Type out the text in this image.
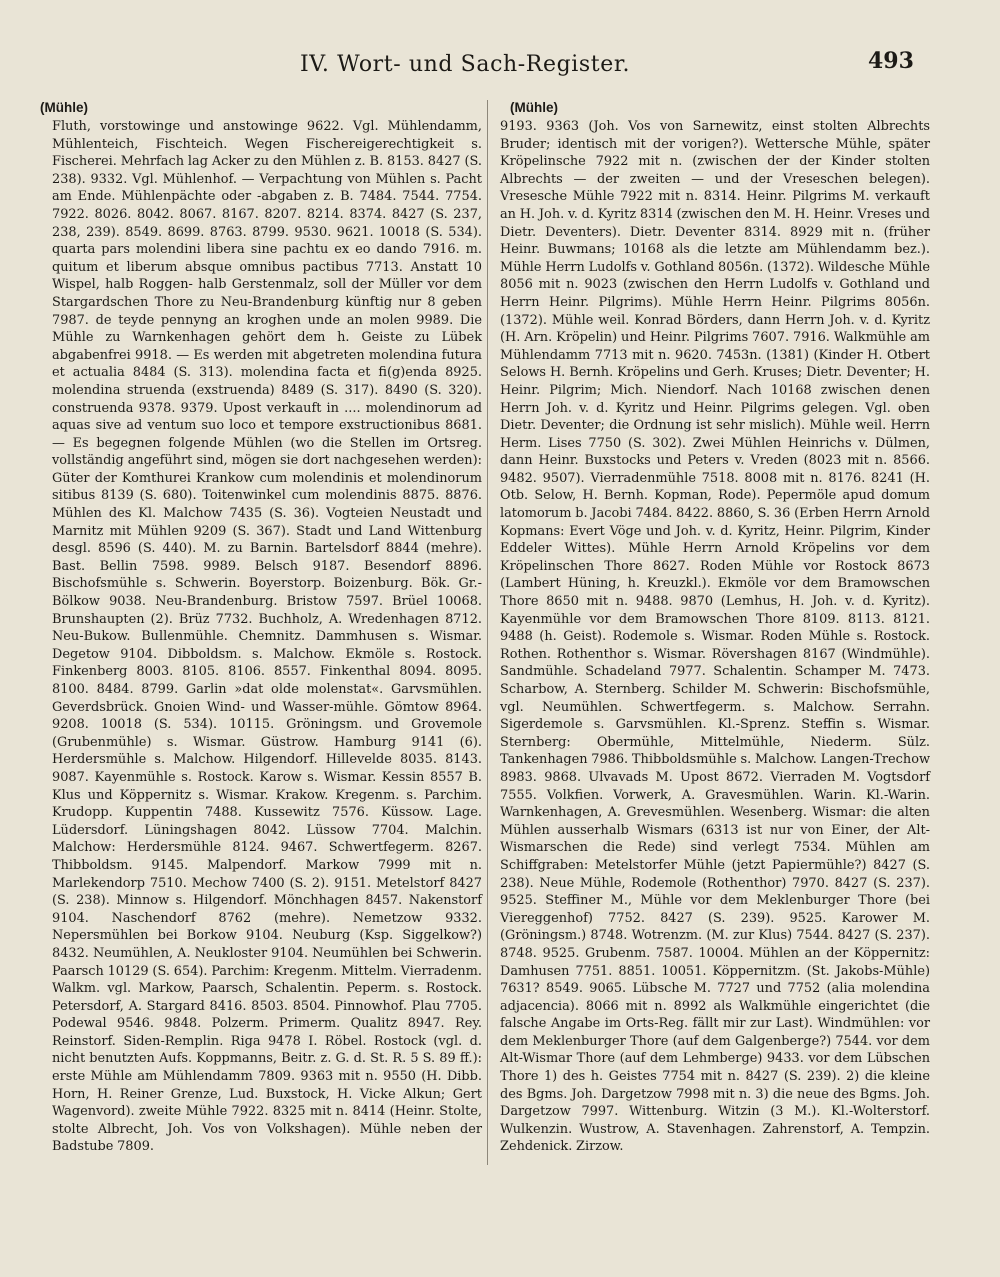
IV. Wort- und Sach-Register.	493
(Mühle)

Fluth, vorstowinge und anstowinge 9622. Vgl. Mühlendamm, Mühlenteich, Fischteich. Wegen Fischereigerechtigkeit s. Fischerei. Mehrfach lag Acker zu den Mühlen z. B. 8153. 8427 (S. 238). 9332. Vgl. Mühlenhof. — Verpachtung von Mühlen s. Pacht am Ende. Mühlenpächte oder -abgaben z. B. 7484. 7544. 7754. 7922. 8026. 8042. 8067. 8167. 8207. 8214. 8374. 8427 (S. 237, 238, 239). 8549. 8699. 8763. 8799. 9530. 9621. 10018 (S. 534). quarta pars molendini libera sine pachtu ex eo dando 7916. m. quitum et liberum absque omnibus pactibus 7713. Anstatt 10 Wispel, halb Roggen- halb Gerstenmalz, soll der Müller vor dem Stargardschen Thore zu Neu-Brandenburg künftig nur 8 geben 7987. de teyde pennyng an kroghen unde an molen 9989. Die Mühle zu Warnkenhagen gehört dem h. Geiste zu Lübek abgabenfrei 9918. — Es werden mit abgetreten molendina futura et actualia 8484 (S. 313). molendina facta et fi(g)enda 8925. molendina struenda (exstruenda) 8489 (S. 317). 8490 (S. 320). construenda 9378. 9379. Upost verkauft in .... molendinorum ad aquas sive ad ventum suo loco et tempore exstructionibus 8681. — Es begegnen folgende Mühlen (wo die Stellen im Ortsreg. vollständig angeführt sind, mögen sie dort nachgesehen werden): Güter der Komthurei Krankow cum molendinis et molendinorum sitibus 8139 (S. 680). Toitenwinkel cum molendinis 8875. 8876. Mühlen des Kl. Malchow 7435 (S. 36). Vogteien Neustadt und Marnitz mit Mühlen 9209 (S. 367). Stadt und Land Wittenburg desgl. 8596 (S. 440). M. zu Barnin. Bartelsdorf 8844 (mehre). Bast. Bellin 7598. 9989. Belsch 9187. Besendorf 8896. Bischofsmühle s. Schwerin. Boyerstorp. Boizenburg. Bök. Gr.-Bölkow 9038. Neu-Brandenburg. Bristow 7597. Brüel 10068. Brunshaupten (2). Brüz 7732. Buchholz, A. Wredenhagen 8712. Neu-Bukow. Bullenmühle. Chemnitz. Dammhusen s. Wismar. Degetow 9104. Dibboldsm. s. Malchow. Ekmöle s. Rostock. Finkenberg 8003. 8105. 8106. 8557. Finkenthal 8094. 8095. 8100. 8484. 8799. Garlin »dat olde molenstat«. Garvsmühlen. Geverdsbrück. Gnoien Wind- und Wasser-mühle. Gömtow 8964. 9208. 10018 (S. 534). 10115. Gröningsm. und Grovemole (Grubenmühle) s. Wismar. Güstrow. Hamburg 9141 (6). Herdersmühle s. Malchow. Hilgendorf. Hillevelde 8035. 8143. 9087. Kayenmühle s. Rostock. Karow s. Wismar. Kessin 8557 B. Klus und Köppernitz s. Wismar. Krakow. Kregenm. s. Parchim. Krudopp. Kuppentin 7488. Kussewitz 7576. Küssow. Lage. Lüdersdorf. Lüningshagen 8042. Lüssow 7704. Malchin. Malchow: Herdersmühle 8124. 9467. Schwertfegerm. 8267. Thibboldsm. 9145. Malpendorf. Markow 7999 mit n. Marlekendorp 7510. Mechow 7400 (S. 2). 9151. Metelstorf 8427 (S. 238). Minnow s. Hilgendorf. Mönchhagen 8457. Nakenstorf 9104. Naschendorf 8762 (mehre). Nemetzow 9332. Nepersmühlen bei Borkow 9104. Neuburg (Ksp. Siggelkow?) 8432. Neumühlen, A. Neukloster 9104. Neumühlen bei Schwerin. Paarsch 10129 (S. 654). Parchim: Kregenm. Mittelm. Vierradenm. Walkm. vgl. Markow, Paarsch, Schalentin. Peperm. s. Rostock. Petersdorf, A. Stargard 8416. 8503. 8504. Pinnowhof. Plau 7705. Podewal 9546. 9848. Polzerm. Primerm. Qualitz 8947. Rey. Reinstorf. Siden-Remplin. Riga 9478 I. Röbel. Rostock (vgl. d. nicht benutzten Aufs. Koppmanns, Beitr. z. G. d. St. R. 5 S. 89 ff.): erste Mühle am Mühlendamm 7809. 9363 mit n. 9550 (H. Dibb. Horn, H. Reiner Grenze, Lud. Buxstock, H. Vicke Alkun; Gert Wagenvord). zweite Mühle 7922. 8325 mit n. 8414 (Heinr. Stolte, stolte Albrecht, Joh. Vos von Volkshagen). Mühle neben der Badstube 7809.

(Mühle)

9193. 9363 (Joh. Vos von Sarnewitz, einst stolten Albrechts Bruder; identisch mit der vorigen?). Wettersche Mühle, später Kröpelinsche 7922 mit n. (zwischen der der Kinder stolten Albrechts — der zweiten — und der Vreseschen belegen). Vresesche Mühle 7922 mit n. 8314. Heinr. Pilgrims M. verkauft an H. Joh. v. d. Kyritz 8314 (zwischen den M. H. Heinr. Vreses und Dietr. Deventers). Dietr. Deventer 8314. 8929 mit n. (früher Heinr. Buwmans; 10168 als die letzte am Mühlendamm bez.). Mühle Herrn Ludolfs v. Gothland 8056n. (1372). Wildesche Mühle 8056 mit n. 9023 (zwischen den Herrn Ludolfs v. Gothland und Herrn Heinr. Pilgrims). Mühle Herrn Heinr. Pilgrims 8056n. (1372). Mühle weil. Konrad Börders, dann Herrn Joh. v. d. Kyritz (H. Arn. Kröpelin) und Heinr. Pilgrims 7607. 7916. Walkmühle am Mühlendamm 7713 mit n. 9620. 7453n. (1381) (Kinder H. Otbert Selows H. Bernh. Kröpelins und Gerh. Kruses; Dietr. Deventer; H. Heinr. Pilgrim; Mich. Niendorf. Nach 10168 zwischen denen Herrn Joh. v. d. Kyritz und Heinr. Pilgrims gelegen. Vgl. oben Dietr. Deventer; die Ordnung ist sehr mislich). Mühle weil. Herrn Herm. Lises 7750 (S. 302). Zwei Mühlen Heinrichs v. Dülmen, dann Heinr. Buxstocks und Peters v. Vreden (8023 mit n. 8566. 9482. 9507). Vierradenmühle 7518. 8008 mit n. 8176. 8241 (H. Otb. Selow, H. Bernh. Kopman, Rode). Pepermöle apud domum latomorum b. Jacobi 7484. 8422. 8860, S. 36 (Erben Herrn Arnold Kopmans: Evert Vöge und Joh. v. d. Kyritz, Heinr. Pilgrim, Kinder Eddeler Wittes). Mühle Herrn Arnold Kröpelins vor dem Kröpelinschen Thore 8627. Roden Mühle vor Rostock 8673 (Lambert Hüning, h. Kreuzkl.). Ekmöle vor dem Bramowschen Thore 8650 mit n. 9488. 9870 (Lemhus, H. Joh. v. d. Kyritz). Kayenmühle vor dem Bramowschen Thore 8109. 8113. 8121. 9488 (h. Geist). Rodemole s. Wismar. Roden Mühle s. Rostock. Rothen. Rothenthor s. Wismar. Rövershagen 8167 (Windmühle). Sandmühle. Schadeland 7977. Schalentin. Schamper M. 7473. Scharbow, A. Sternberg. Schilder M. Schwerin: Bischofsmühle, vgl. Neumühlen. Schwertfegerm. s. Malchow. Serrahn. Sigerdemole s. Garvsmühlen. Kl.-Sprenz. Steffin s. Wismar. Sternberg: Obermühle, Mittelmühle, Niederm. Sülz. Tankenhagen 7986. Thibboldsmühle s. Malchow. Langen-Trechow 8983. 9868. Ulvavads M. Upost 8672. Vierraden M. Vogtsdorf 7555. Volkfien. Vorwerk, A. Gravesmühlen. Warin. Kl.-Warin. Warnkenhagen, A. Grevesmühlen. Wesenberg. Wismar: die alten Mühlen ausserhalb Wismars (6313 ist nur von Einer, der Alt-Wismarschen die Rede) sind verlegt 7534. Mühlen am Schiffgraben: Metelstorfer Mühle (jetzt Papiermühle?) 8427 (S. 238). Neue Mühle, Rodemole (Rothenthor) 7970. 8427 (S. 237). 9525. Steffiner M., Mühle vor dem Meklenburger Thore (bei Viereggenhof) 7752. 8427 (S. 239). 9525. Karower M. (Gröningsm.) 8748. Wotrenzm. (M. zur Klus) 7544. 8427 (S. 237). 8748. 9525. Grubenm. 7587. 10004. Mühlen an der Köppernitz: Damhusen 7751. 8851. 10051. Köppernitzm. (St. Jakobs-Mühle) 7631? 8549. 9065. Lübsche M. 7727 und 7752 (alia molendina adjacencia). 8066 mit n. 8992 als Walkmühle eingerichtet (die falsche Angabe im Orts-Reg. fällt mir zur Last). Windmühlen: vor dem Meklenburger Thore (auf dem Galgenberge?) 7544. vor dem Alt-Wismar Thore (auf dem Lehmberge) 9433. vor dem Lübschen Thore 1) des h. Geistes 7754 mit n. 8427 (S. 239). 2) die kleine des Bgms. Joh. Dargetzow 7998 mit n. 3) die neue des Bgms. Joh. Dargetzow 7997. Wittenburg. Witzin (3 M.). Kl.-Wolterstorf. Wulkenzin. Wustrow, A. Stavenhagen. Zahrenstorf, A. Tempzin. Zehdenick. Zirzow.
